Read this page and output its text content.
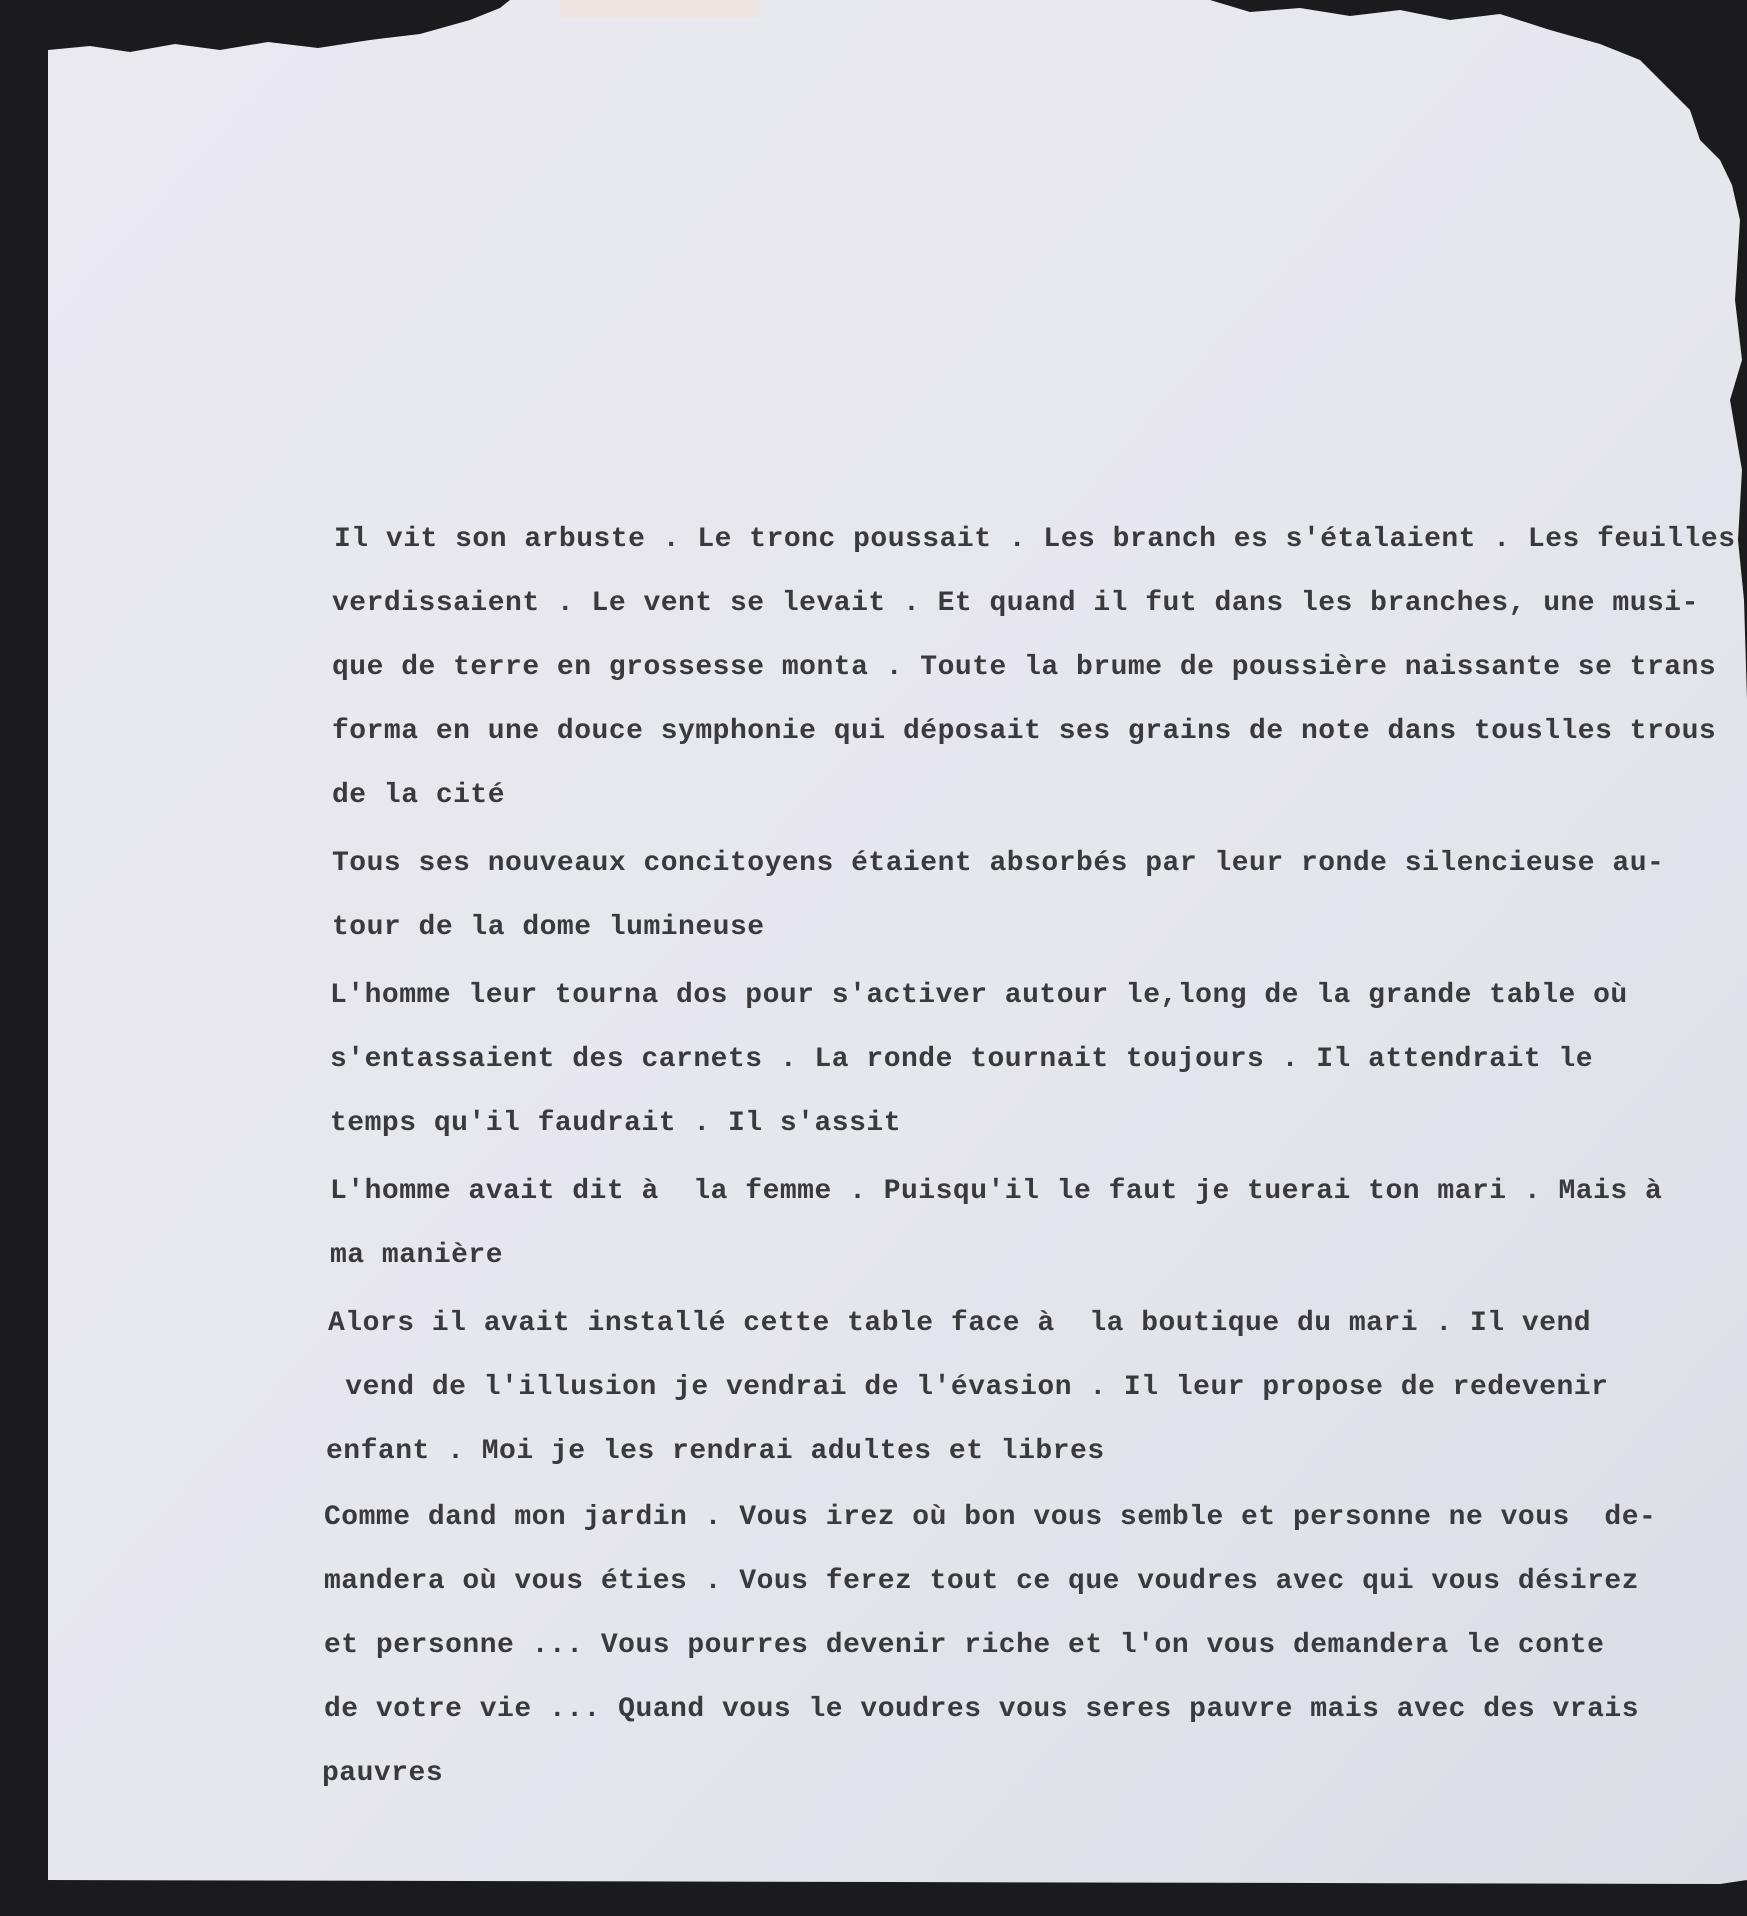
Il vit son arbuste . Le tronc poussait . Les branch es s'étalaient . Les feuilles
verdissaient . Le vent se levait . Et quand il fut dans les branches, une musi-
que de terre en grossesse monta . Toute la brume de poussière naissante se trans
forma en une douce symphonie qui déposait ses grains de note dans touslles trous
de la cité
Tous ses nouveaux concitoyens étaient absorbés par leur ronde silencieuse au-
tour de la dome lumineuse
L'homme leur tourna dos pour s'activer autour le,long de la grande table où
s'entassaient des carnets . La ronde tournait toujours . Il attendrait le
temps qu'il faudrait . Il s'assit
L'homme avait dit à  la femme . Puisqu'il le faut je tuerai ton mari . Mais à
ma manière
Alors il avait installé cette table face à  la boutique du mari . Il vend
vend de l'illusion je vendrai de l'évasion . Il leur propose de redevenir
enfant . Moi je les rendrai adultes et libres
Comme dand mon jardin . Vous irez où bon vous semble et personne ne vous  de-
mandera où vous éties . Vous ferez tout ce que voudres avec qui vous désirez
et personne ... Vous pourres devenir riche et l'on vous demandera le conte
de votre vie ... Quand vous le voudres vous seres pauvre mais avec des vrais
pauvres
